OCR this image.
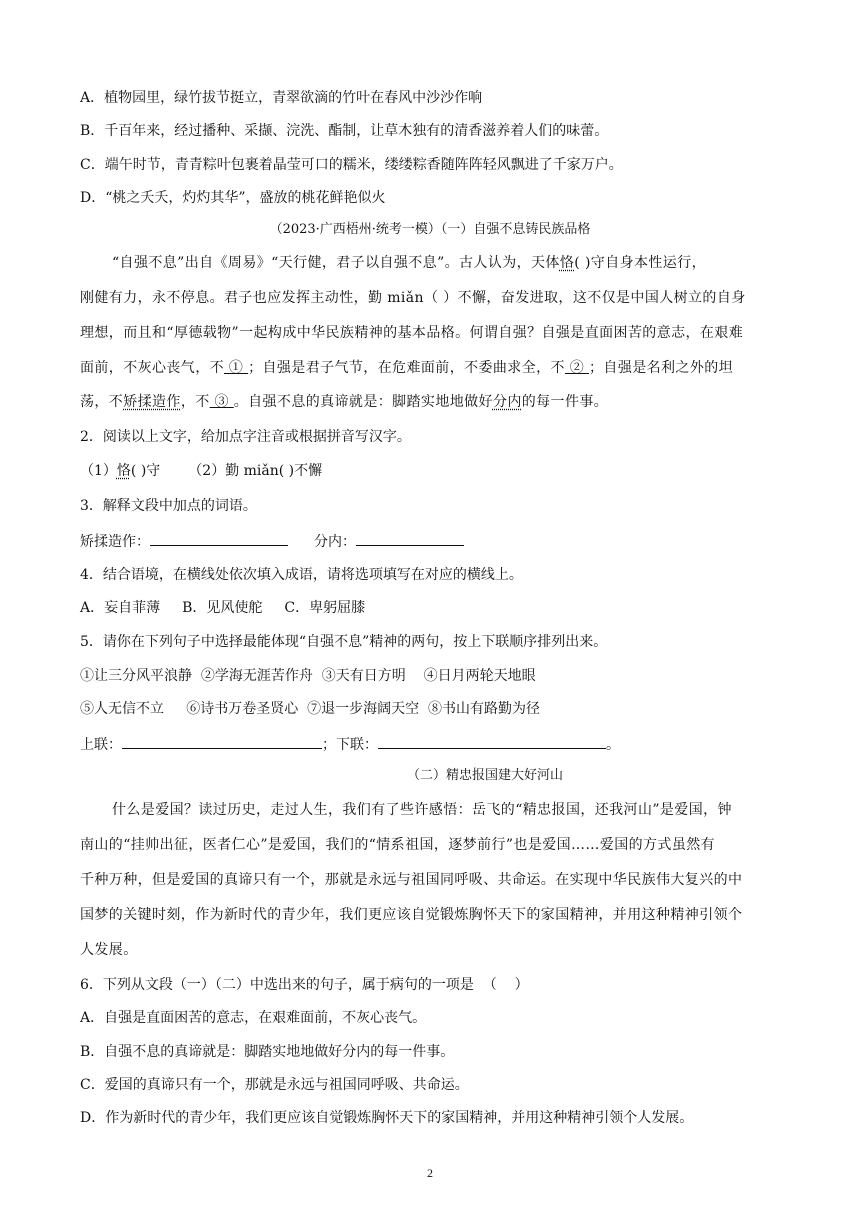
A．植物园里，绿竹拔节挺立，青翠欲滴的竹叶在春风中沙沙作响
B．千百年来，经过播种、采撷、浣洗、酯制，让草木独有的清香滋养着人们的味蕾。
C．端午时节，青青粽叶包裹着晶莹可口的糯米，缕缕粽香随阵阵轻风飘进了千家万户。
D．“桃之夭夭，灼灼其华”，盛放的桃花鲜艳似火
（2023·广西梧州·统考一模）（一）自强不息铸民族品格
“自强不息”出自《周易》“天行健，君子以自强不息”。古人认为，天体恪( )守自身本性运行，
刚健有力，永不停息。君子也应发挥主动性，勤 miǎn（ ）不懈，奋发进取，这不仅是中国人树立的自身
理想，而且和“厚德载物”一起构成中华民族精神的基本品格。何谓自强？自强是直面困苦的意志，在艰难
面前，不灰心丧气，不 ① ；自强是君子气节，在危难面前，不委曲求全，不 ② ；自强是名利之外的坦
荡，不矫揉造作，不 ③ 。自强不息的真谛就是：脚踏实地地做好分内的每一件事。
2．阅读以上文字，给加点字注音或根据拼音写汉字。
（1）恪( )守 （2）勤 miǎn( )不懈
3．解释文段中加点的词语。
矫揉造作：	分内：
4．结合语境，在横线处依次填入成语，请将选项填写在对应的横线上。
A．妄自菲薄 B．见风使舵 C．卑躬屈膝
5．请你在下列句子中选择最能体现“自强不息”精神的两句，按上下联顺序排列出来。
①让三分风平浪静  ②学海无涯苦作舟  ③天有日方明    ④日月两轮天地眼
⑤人无信不立     ⑥诗书万卷圣贤心  ⑦退一步海阔天空  ⑧书山有路勤为径
上联：	；下联：	。
（二）精忠报国建大好河山
什么是爱国？读过历史，走过人生，我们有了些许感悟：岳飞的“精忠报国，还我河山”是爱国，钟
南山的“挂帅出征，医者仁心”是爱国，我们的“情系祖国，逐梦前行”也是爱国……爱国的方式虽然有
千种万种，但是爱国的真谛只有一个，那就是永远与祖国同呼吸、共命运。在实现中华民族伟大复兴的中
国梦的关键时刻，作为新时代的青少年，我们更应该自觉锻炼胸怀天下的家国精神，并用这种精神引领个
人发展。
6．下列从文段（一）（二）中选出来的句子，属于病句的一项是  （    ）
A．自强是直面困苦的意志，在艰难面前，不灰心丧气。
B．自强不息的真谛就是：脚踏实地地做好分内的每一件事。
C．爱国的真谛只有一个，那就是永远与祖国同呼吸、共命运。
D．作为新时代的青少年，我们更应该自觉锻炼胸怀天下的家国精神，并用这种精神引领个人发展。
2
